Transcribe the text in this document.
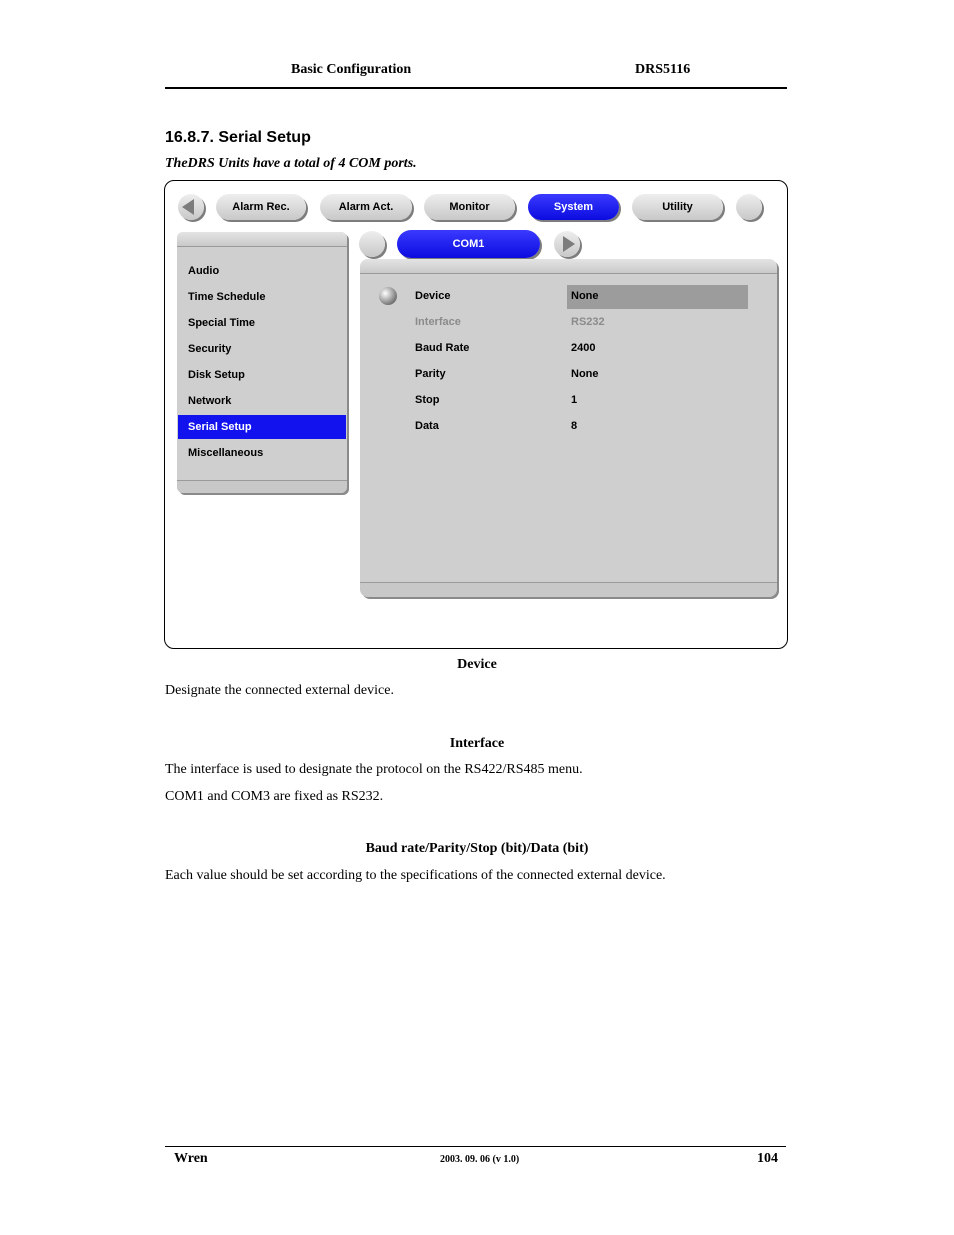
Basic Configuration	DRS5116
16.8.7. Serial Setup
TheDRS Units have a total of 4 COM ports.
Alarm Rec.	Alarm Act.	Monitor	System	Utility
Audio
Time Schedule
Special Time
Security
Disk Setup
Network
Serial Setup
Miscellaneous
COM1
Device	None
Interface	RS232
Baud Rate	2400
Parity	None
Stop	1
Data	8
Device
Designate the connected external device.
Interface
The interface is used to designate the protocol on the RS422/RS485 menu.
COM1 and COM3 are fixed as RS232.
Baud rate/Parity/Stop (bit)/Data (bit)
Each value should be set according to the specifications of the connected external device.
Wren	2003. 09. 06 (v 1.0)	104
